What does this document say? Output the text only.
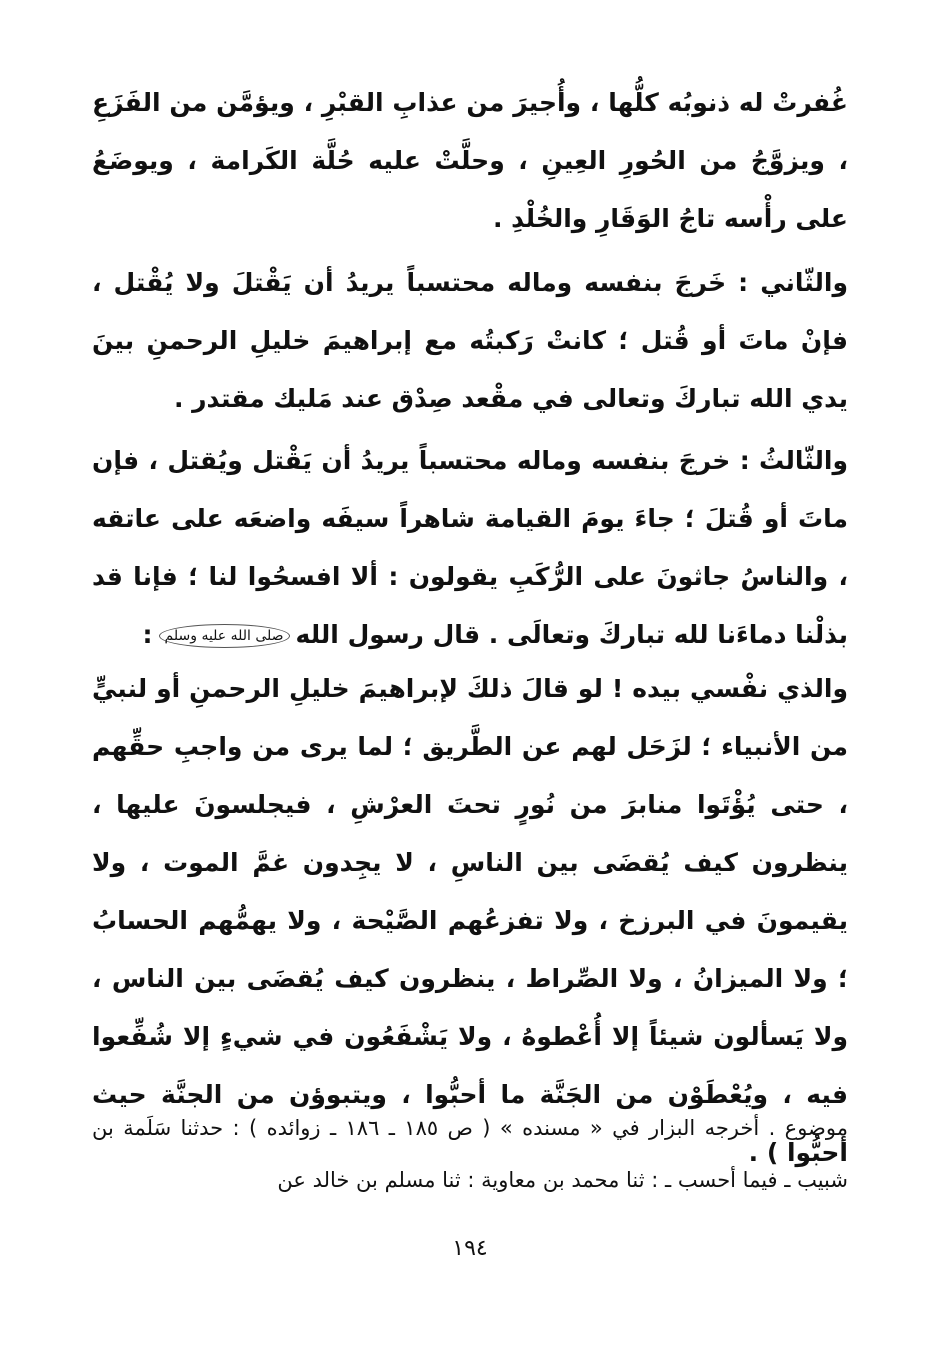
غُفرتْ له ذنوبُه كلُّها ، وأُجيرَ من عذابِ القبْرِ ، ويؤمَّن من الفَزَعِ ، ويزوَّجُ من الحُورِ العِينِ ، وحلَّتْ عليه حُلَّة الكَرامة ، ويوضَعُ على رأْسه تاجُ الوَقَارِ والخُلْدِ .

والثّاني : خَرجَ بنفسه وماله محتسباً يريدُ أن يَقْتلَ ولا يُقْتل ، فإنْ ماتَ أو قُتل ؛ كانتْ رَكبتُه مع إبراهيمَ خليلِ الرحمنِ بينَ يدي الله تباركَ وتعالى في مقْعد صِدْق عند مَليك مقتدر .

والثّالثُ : خرجَ بنفسه وماله محتسباً يريدُ أن يَقْتل ويُقتل ، فإن ماتَ أو قُتلَ ؛ جاءَ يومَ القيامة شاهراً سيفَه واضعَه على عاتقه ، والناسُ جاثونَ على الرُّكَبِ يقولون : ألا افسحُوا لنا ؛ فإنا قد بذلْنا دماءَنا لله تباركَ وتعالَى . قال رسول اللهصلى الله عليه وسلم:

والذي نفْسي بيده ! لو قالَ ذلكَ لإبراهيمَ خليلِ الرحمنِ أو لنبيٍّ من الأنبياء ؛ لزَحَل لهم عن الطَّريق ؛ لما يرى من واجبِ حقِّهم ، حتى يُؤْتَوا منابرَ من نُورٍ تحتَ العرْشِ ، فيجلسونَ عليها ، ينظرون كيف يُقضَى بين الناسِ ، لا يجِدون غمَّ الموت ، ولا يقيمونَ في البرزخ ، ولا تفزعُهم الصَّيْحة ، ولا يهمُّهم الحسابُ ؛ ولا الميزانُ ، ولا الصِّراط ، ينظرون كيف يُقضَى بين الناس ، ولا يَسألون شيئاً إلا أُعْطوهُ ، ولا يَشْفَعُون في شيءٍ إلا شُفِّعوا فيه ، ويُعْطَوْن من الجَنَّة ما أحبُّوا ، ويتبوؤن من الجنَّة حيث أحبُّوا ) .

موضوع . أخرجه البزار في « مسنده » ( ص ١٨٥ ـ ١٨٦ ـ زوائده ) : حدثنا سَلَمة بن شبيب ـ فيما أحسب ـ : ثنا محمد بن معاوية : ثنا مسلم بن خالد عن

١٩٤
